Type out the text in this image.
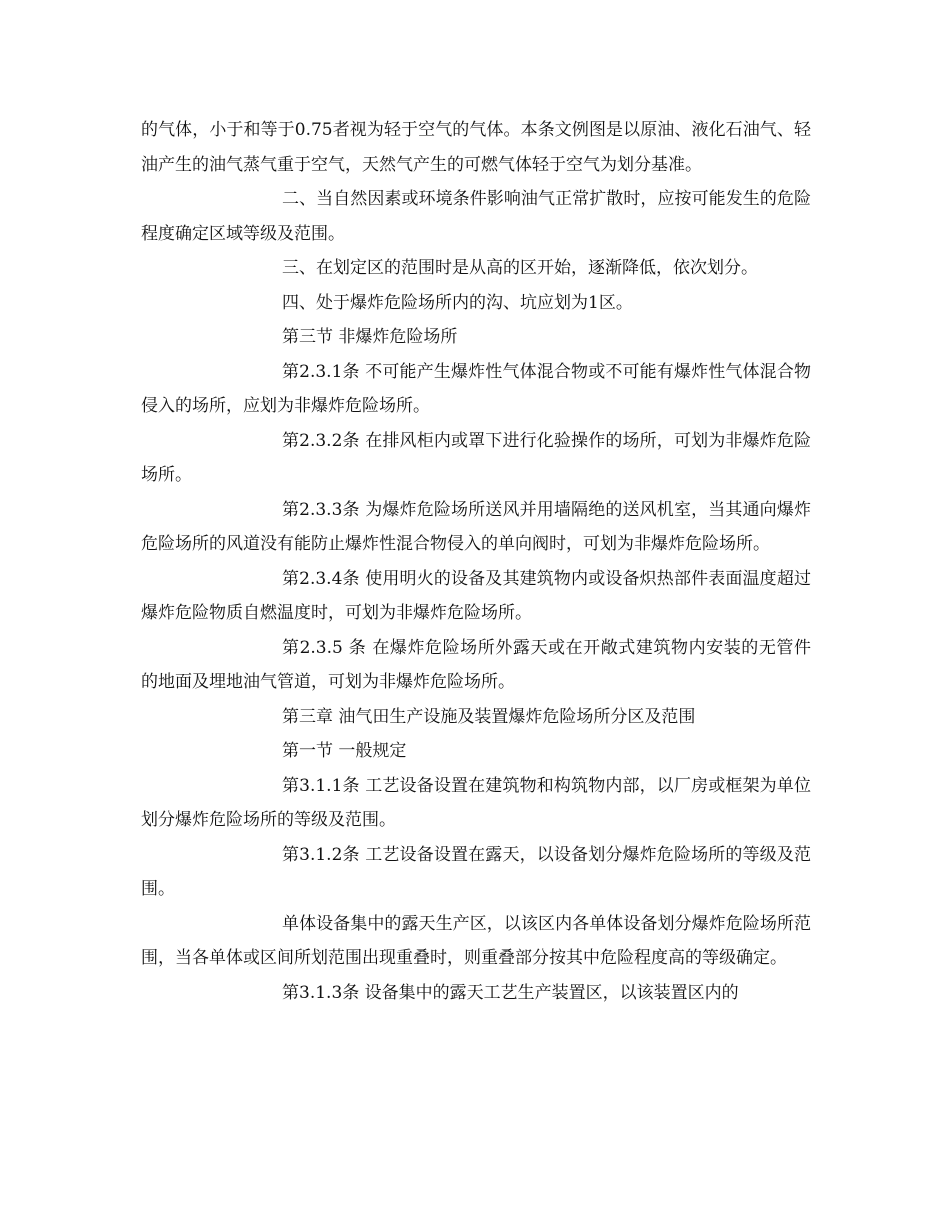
的气体，小于和等于0.75者视为轻于空气的气体。本条文例图是以原油、液化石油气、轻油产生的油气蒸气重于空气，天然气产生的可燃气体轻于空气为划分基准。

二、当自然因素或环境条件影响油气正常扩散时，应按可能发生的危险程度确定区域等级及范围。

三、在划定区的范围时是从高的区开始，逐渐降低，依次划分。

四、处于爆炸危险场所内的沟、坑应划为1区。

第三节 非爆炸危险场所

第2.3.1条 不可能产生爆炸性气体混合物或不可能有爆炸性气体混合物侵入的场所，应划为非爆炸危险场所。

第2.3.2条 在排风柜内或罩下进行化验操作的场所，可划为非爆炸危险场所。

第2.3.3条 为爆炸危险场所送风并用墙隔绝的送风机室，当其通向爆炸危险场所的风道没有能防止爆炸性混合物侵入的单向阀时，可划为非爆炸危险场所。

第2.3.4条 使用明火的设备及其建筑物内或设备炽热部件表面温度超过爆炸危险物质自燃温度时，可划为非爆炸危险场所。

第2.3.5 条 在爆炸危险场所外露天或在开敞式建筑物内安装的无管件的地面及埋地油气管道，可划为非爆炸危险场所。

第三章 油气田生产设施及装置爆炸危险场所分区及范围

第一节 一般规定

第3.1.1条 工艺设备设置在建筑物和构筑物内部，以厂房或框架为单位划分爆炸危险场所的等级及范围。

第3.1.2条 工艺设备设置在露天，以设备划分爆炸危险场所的等级及范围。

单体设备集中的露天生产区，以该区内各单体设备划分爆炸危险场所范围，当各单体或区间所划范围出现重叠时，则重叠部分按其中危险程度高的等级确定。

第3.1.3条 设备集中的露天工艺生产装置区，以该装置区内的
